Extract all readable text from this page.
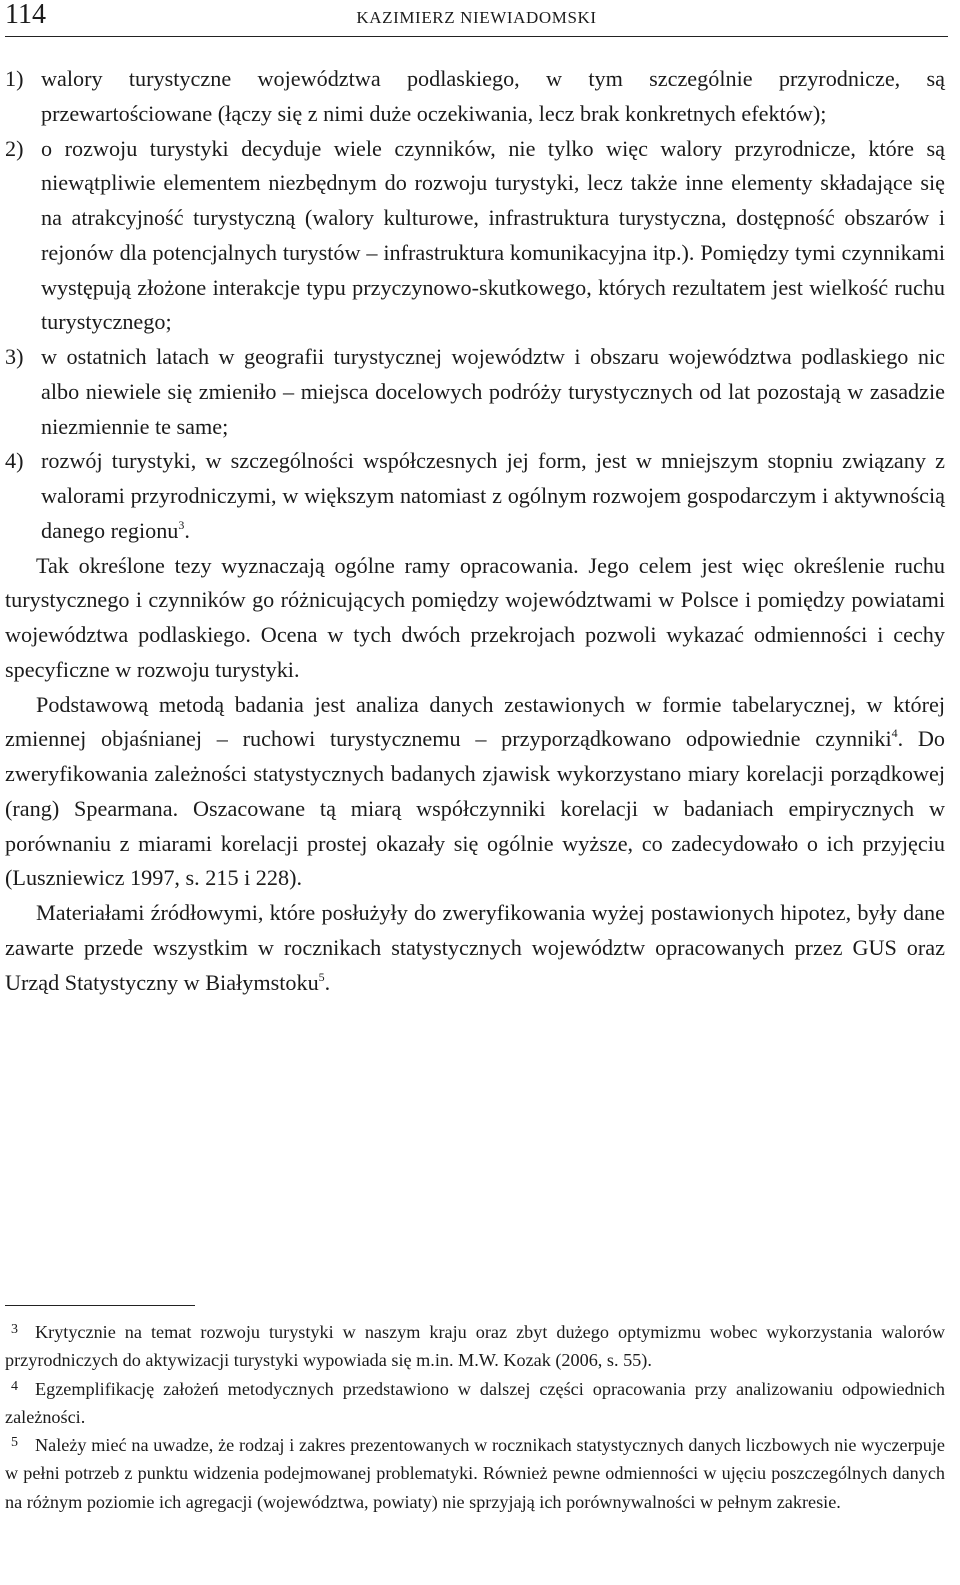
114	KAZIMIERZ NIEWIADOMSKI
1) walory turystyczne województwa podlaskiego, w tym szczególnie przyrodnicze, są przewartościowane (łączy się z nimi duże oczekiwania, lecz brak konkretnych efektów);
2) o rozwoju turystyki decyduje wiele czynników, nie tylko więc walory przyrodnicze, które są niewątpliwie elementem niezbędnym do rozwoju turystyki, lecz także inne elementy składające się na atrakcyjność turystyczną (walory kulturowe, infrastruktura turystyczna, dostępność obszarów i rejonów dla potencjalnych turystów – infrastruktura komunikacyjna itp.). Pomiędzy tymi czynnikami występują złożone interakcje typu przyczynowo-skutkowego, których rezultatem jest wielkość ruchu turystycznego;
3) w ostatnich latach w geografii turystycznej województw i obszaru województwa podlaskiego nic albo niewiele się zmieniło – miejsca docelowych podróży turystycznych od lat pozostają w zasadzie niezmiennie te same;
4) rozwój turystyki, w szczególności współczesnych jej form, jest w mniejszym stopniu związany z walorami przyrodniczymi, w większym natomiast z ogólnym rozwojem gospodarczym i aktywnością danego regionu$^3$.

Tak określone tezy wyznaczają ogólne ramy opracowania. Jego celem jest więc określenie ruchu turystycznego i czynników go różnicujących pomiędzy województwami w Polsce i pomiędzy powiatami województwa podlaskiego. Ocena w tych dwóch przekrojach pozwoli wykazać odmienności i cechy specyficzne w rozwoju turystyki.

Podstawową metodą badania jest analiza danych zestawionych w formie tabelarycznej, w której zmiennej objaśnianej – ruchowi turystycznemu – przyporządkowano odpowiednie czynniki$^4$. Do zweryfikowania zależności statystycznych badanych zjawisk wykorzystano miary korelacji porządkowej (rang) Spearmana. Oszacowane tą miarą współczynniki korelacji w badaniach empirycznych w porównaniu z miarami korelacji prostej okazały się ogólnie wyższe, co zadecydowało o ich przyjęciu (Luszniewicz 1997, s. 215 i 228).

Materiałami źródłowymi, które posłużyły do zweryfikowania wyżej postawionych hipotez, były dane zawarte przede wszystkim w rocznikach statystycznych województw opracowanych przez GUS oraz Urząd Statystyczny w Białymstoku$^5$.

3 Krytycznie na temat rozwoju turystyki w naszym kraju oraz zbyt dużego optymizmu wobec wykorzystania walorów przyrodniczych do aktywizacji turystyki wypowiada się m.in. M.W. Kozak (2006, s. 55).

4 Egzemplifikację założeń metodycznych przedstawiono w dalszej części opracowania przy analizowaniu odpowiednich zależności.

5 Należy mieć na uwadze, że rodzaj i zakres prezentowanych w rocznikach statystycznych danych liczbowych nie wyczerpuje w pełni potrzeb z punktu widzenia podejmowanej problematyki. Również pewne odmienności w ujęciu poszczególnych danych na różnym poziomie ich agregacji (województwa, powiaty) nie sprzyjają ich porównywalności w pełnym zakresie.
